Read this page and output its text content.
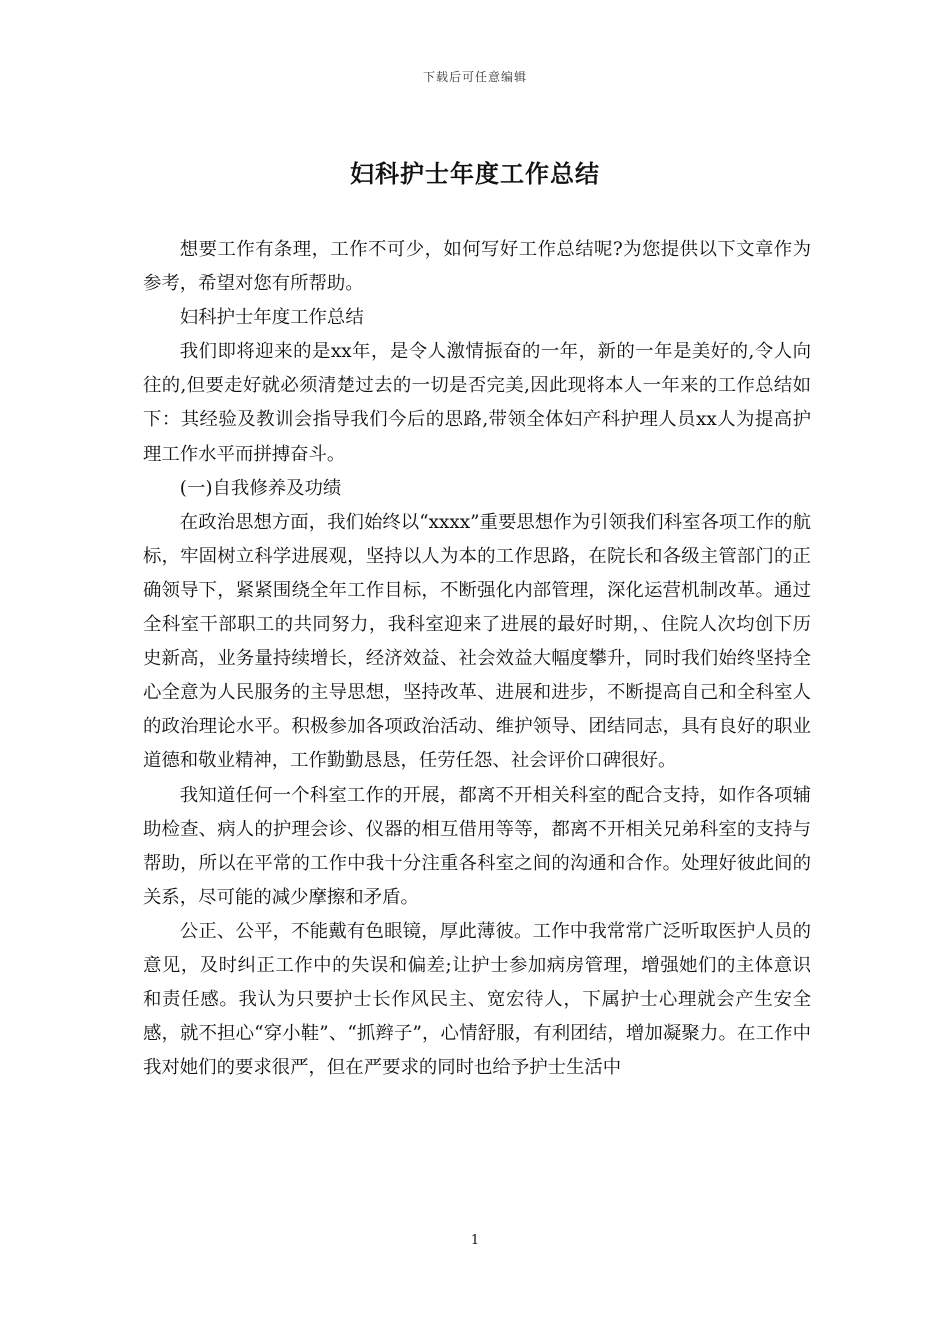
下载后可任意编辑
妇科护士年度工作总结

想要工作有条理，工作不可少，如何写好工作总结呢?为您提供以下文章作为参考，希望对您有所帮助。

妇科护士年度工作总结

我们即将迎来的是xx年，是令人激情振奋的一年，新的一年是美好的,令人向往的,但要走好就必须清楚过去的一切是否完美,因此现将本人一年来的工作总结如下：其经验及教训会指导我们今后的思路,带领全体妇产科护理人员xx人为提高护理工作水平而拼搏奋斗。

(一)自我修养及功绩

在政治思想方面，我们始终以“xxxx”重要思想作为引领我们科室各项工作的航标，牢固树立科学进展观，坚持以人为本的工作思路，在院长和各级主管部门的正确领导下，紧紧围绕全年工作目标，不断强化内部管理，深化运营机制改革。通过全科室干部职工的共同努力，我科室迎来了进展的最好时期，、住院人次均创下历史新高，业务量持续增长，经济效益、社会效益大幅度攀升，同时我们始终坚持全心全意为人民服务的主导思想，坚持改革、进展和进步，不断提高自己和全科室人的政治理论水平。积极参加各项政治活动、维护领导、团结同志，具有良好的职业道德和敬业精神，工作勤勤恳恳，任劳任怨、社会评价口碑很好。

我知道任何一个科室工作的开展，都离不开相关科室的配合支持，如作各项辅助检查、病人的护理会诊、仪器的相互借用等等，都离不开相关兄弟科室的支持与帮助，所以在平常的工作中我十分注重各科室之间的沟通和合作。处理好彼此间的关系，尽可能的减少摩擦和矛盾。

公正、公平，不能戴有色眼镜，厚此薄彼。工作中我常常广泛听取医护人员的意见，及时纠正工作中的失误和偏差;让护士参加病房管理，增强她们的主体意识和责任感。我认为只要护士长作风民主、宽宏待人，下属护士心理就会产生安全感，就不担心“穿小鞋”、“抓辫子”，心情舒服，有利团结，增加凝聚力。在工作中我对她们的要求很严，但在严要求的同时也给予护士生活中

1
